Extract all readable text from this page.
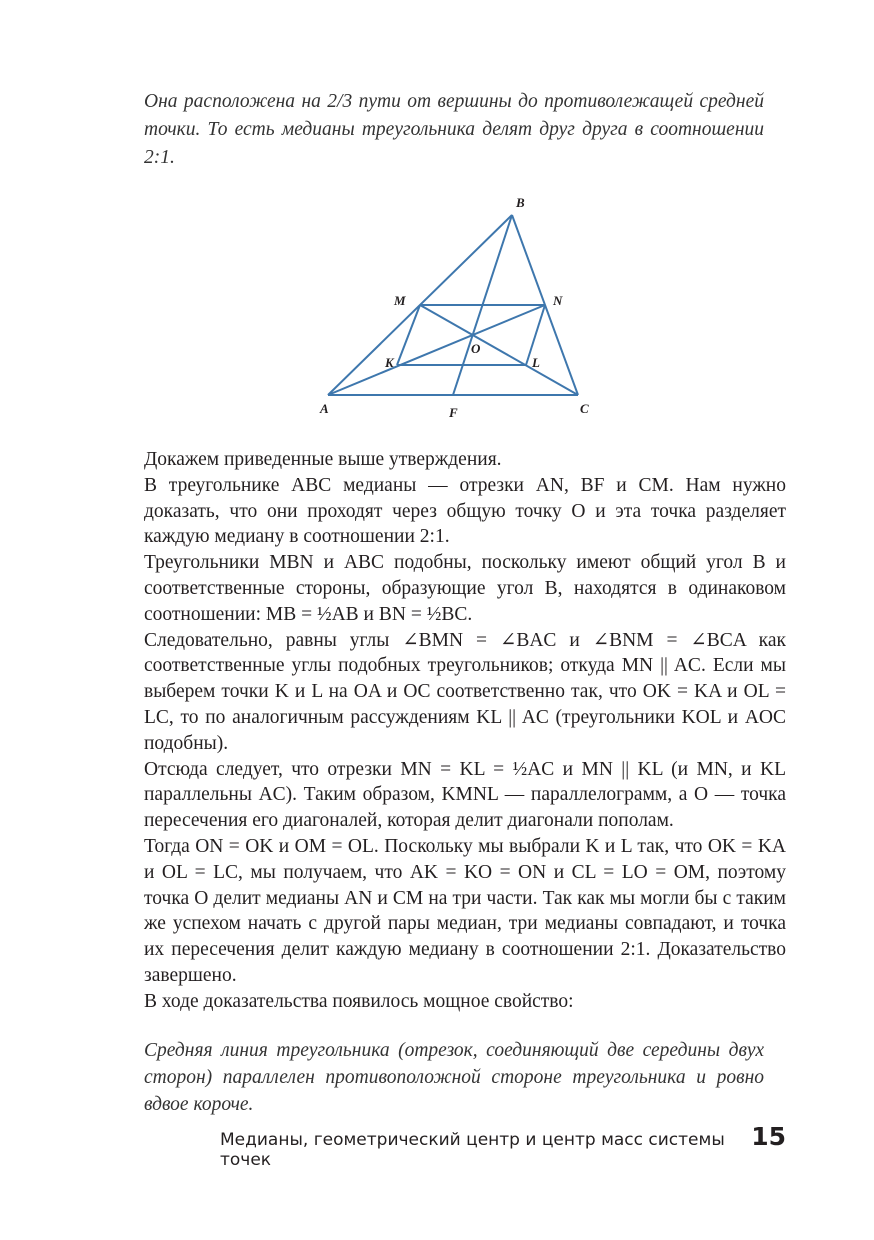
Она расположена на 2/3 пути от вершины до противолежащей средней точки. То есть медианы треугольника делят друг друга в соотношении 2:1.
A
B
C
M	N
F
O
K	L

Докажем приведенные выше утверждения.

В треугольнике ABC медианы — отрезки AN, BF и CM. Нам нужно доказать, что они проходят через общую точку O и эта точка разделяет каждую медиану в соотношении 2:1.

Треугольники MBN и ABC подобны, поскольку имеют общий угол B и соответственные стороны, образующие угол B, находятся в одинаковом соотношении: MB = ½AB и BN = ½BC.

Следовательно, равны углы ∠BMN = ∠BAC и ∠BNM = ∠BCA как соответственные углы подобных треугольников; откуда MN || AC. Если мы выберем точки K и L на OA и OC соответственно так, что OK = KA и OL = LC, то по аналогичным рассуждениям KL || AC (треугольники KOL и AOC подобны).

Отсюда следует, что отрезки MN = KL = ½AC и MN || KL (и MN, и KL параллельны AC). Таким образом, KMNL — параллелограмм, а O — точка пересечения его диагоналей, которая делит диагонали пополам.

Тогда ON = OK и OM = OL. Поскольку мы выбрали K и L так, что OK = KA и OL = LC, мы получаем, что AK = KO = ON и CL = LO = OM, поэтому точка O делит медианы AN и CM на три части. Так как мы могли бы с таким же успехом начать с другой пары медиан, три медианы совпадают, и точка их пересечения делит каждую медиану в соотношении 2:1. Доказательство завершено.

В ходе доказательства появилось мощное свойство:

Средняя линия треугольника (отрезок, соединяющий две середины двух сторон) параллелен противоположной стороне треугольника и ровно вдвое короче.
Медианы, геометрический центр и центр масс системы точек
15
